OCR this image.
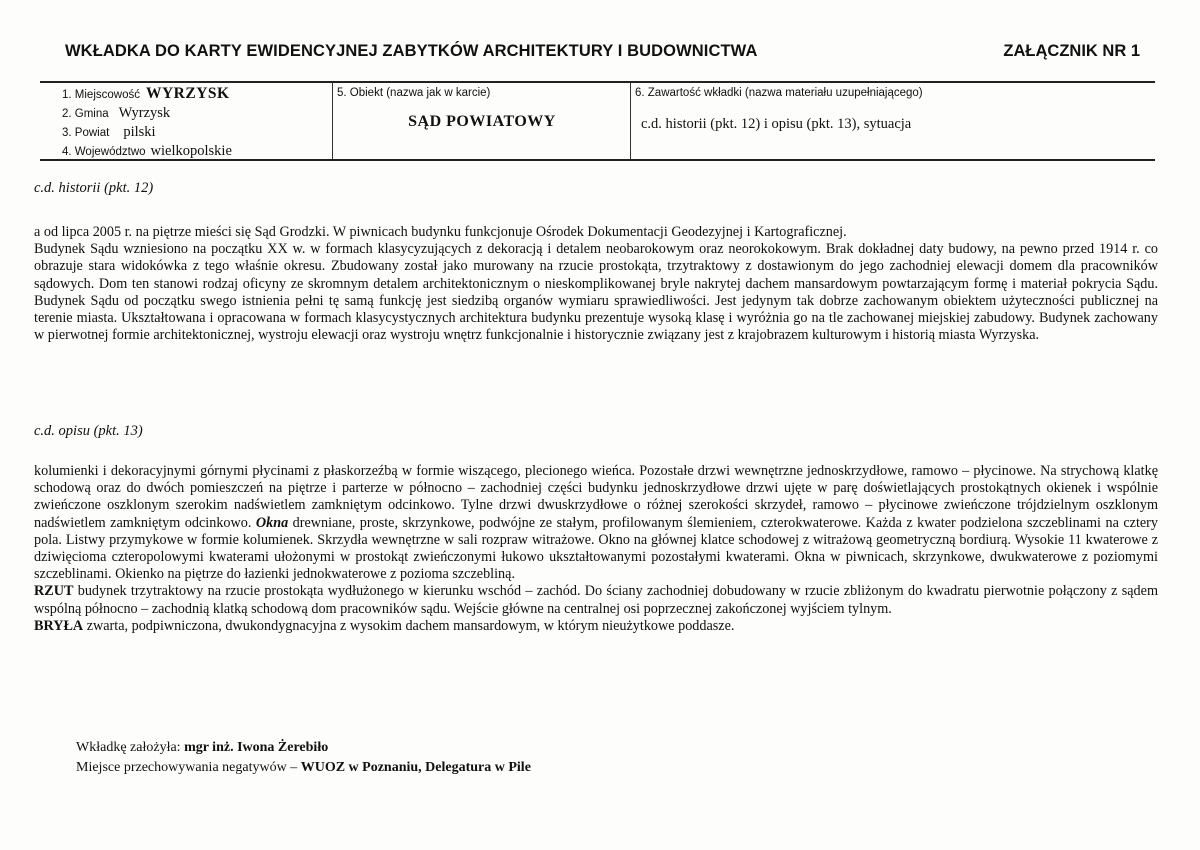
WKŁADKA DO KARTY EWIDENCYJNEJ ZABYTKÓW ARCHITEKTURY I BUDOWNICTWA	ZAŁĄCZNIK NR 1
1. Miejscowość WYRZYSK
2. Gmina Wyrzysk
3. Powiat pilski
4. Województwo wielkopolskie
5. Obiekt (nazwa jak w karcie)
SĄD POWIATOWY
6. Zawartość wkładki (nazwa materiału uzupełniającego)
c.d. historii (pkt. 12) i opisu (pkt. 13), sytuacja
c.d. historii (pkt. 12)

a od lipca 2005 r. na piętrze mieści się Sąd Grodzki. W piwnicach budynku funkcjonuje Ośrodek Dokumentacji Geodezyjnej i Kartograficznej.

Budynek Sądu wzniesiono na początku XX w. w formach klasycyzujących z dekoracją i detalem neobarokowym oraz neorokokowym. Brak dokładnej daty budowy, na pewno przed 1914 r. co obrazuje stara widokówka z tego właśnie okresu. Zbudowany został jako murowany na rzucie prostokąta, trzytraktowy z dostawionym do jego zachodniej elewacji domem dla pracowników sądowych. Dom ten stanowi rodzaj oficyny ze skromnym detalem architektonicznym o nieskomplikowanej bryle nakrytej dachem mansardowym powtarzającym formę i materiał pokrycia Sądu. Budynek Sądu od początku swego istnienia pełni tę samą funkcję jest siedzibą organów wymiaru sprawiedliwości. Jest jedynym tak dobrze zachowanym obiektem użyteczności publicznej na terenie miasta. Ukształtowana i opracowana w formach klasycystycznych architektura budynku prezentuje wysoką klasę i wyróżnia go na tle zachowanej miejskiej zabudowy. Budynek zachowany w pierwotnej formie architektonicznej, wystroju elewacji oraz wystroju wnętrz funkcjonalnie i historycznie związany jest z krajobrazem kulturowym i historią miasta Wyrzyska.

c.d. opisu (pkt. 13)

kolumienki i dekoracyjnymi górnymi płycinami z płaskorzeźbą w formie wiszącego, plecionego wieńca. Pozostałe drzwi wewnętrzne jednoskrzydłowe, ramowo – płycinowe. Na strychową klatkę schodową oraz do dwóch pomieszczeń na piętrze i parterze w północno – zachodniej części budynku jednoskrzydłowe drzwi ujęte w parę doświetlających prostokątnych okienek i wspólnie zwieńczone oszklonym szerokim nadświetlem zamkniętym odcinkowo. Tylne drzwi dwuskrzydłowe o różnej szerokości skrzydeł, ramowo – płycinowe zwieńczone trójdzielnym oszklonym nadświetlem zamkniętym odcinkowo. Okna drewniane, proste, skrzynkowe, podwójne ze stałym, profilowanym ślemieniem, czterokwaterowe. Każda z kwater podzielona szczeblinami na cztery pola. Listwy przymykowe w formie kolumienek. Skrzydła wewnętrzne w sali rozpraw witrażowe. Okno na głównej klatce schodowej z witrażową geometryczną bordiurą. Wysokie 11 kwaterowe z dziwięcioma czteropolowymi kwaterami ułożonymi w prostokąt zwieńczonymi łukowo ukształtowanymi pozostałymi kwaterami. Okna w piwnicach, skrzynkowe, dwukwaterowe z poziomymi szczeblinami. Okienko na piętrze do łazienki jednokwaterowe z pozioma szczebliną.

RZUT budynek trzytraktowy na rzucie prostokąta wydłużonego w kierunku wschód – zachód. Do ściany zachodniej dobudowany w rzucie zbliżonym do kwadratu pierwotnie połączony z sądem wspólną północno – zachodnią klatką schodową dom pracowników sądu. Wejście główne na centralnej osi poprzecznej zakończonej wyjściem tylnym.

BRYŁA zwarta, podpiwniczona, dwukondygnacyjna z wysokim dachem mansardowym, w którym nieużytkowe poddasze.

Wkładkę założyła: mgr inż. Iwona Żerebiło
Miejsce przechowywania negatywów – WUOZ w Poznaniu, Delegatura w Pile
